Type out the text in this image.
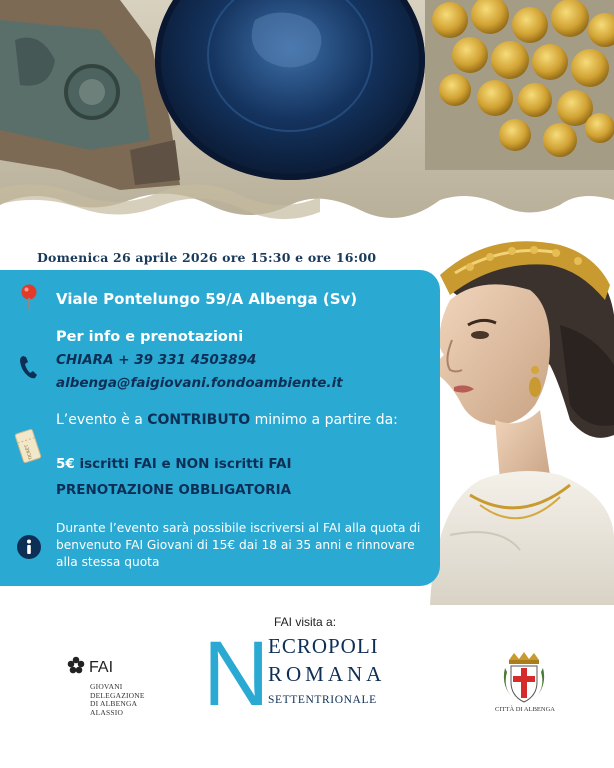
Domenica 26 aprile 2026 ore 15:30 e ore 16:00
Viale Pontelungo 59/A Albenga (Sv)
Per info e prenotazioni
CHIARA + 39 331 4503894
albenga@faigiovani.fondoambiente.it
TICKET
L’evento è a CONTRIBUTO minimo a partire da:
5€ iscritti FAI e NON iscritti FAI
PRENOTAZIONE OBBLIGATORIA
Durante l’evento sarà possibile iscriversi al FAI alla quota di benvenuto FAI Giovani di 15€ dai 18 ai 35 anni e rinnovare alla stessa quota
FAI
GIOVANI
DELEGAZIONE
DI ALBENGA
ALASSIO
FAI visita a:
N
ECROPOLI
ROMANA
SETTENTRIONALE
CITTÀ DI ALBENGA
